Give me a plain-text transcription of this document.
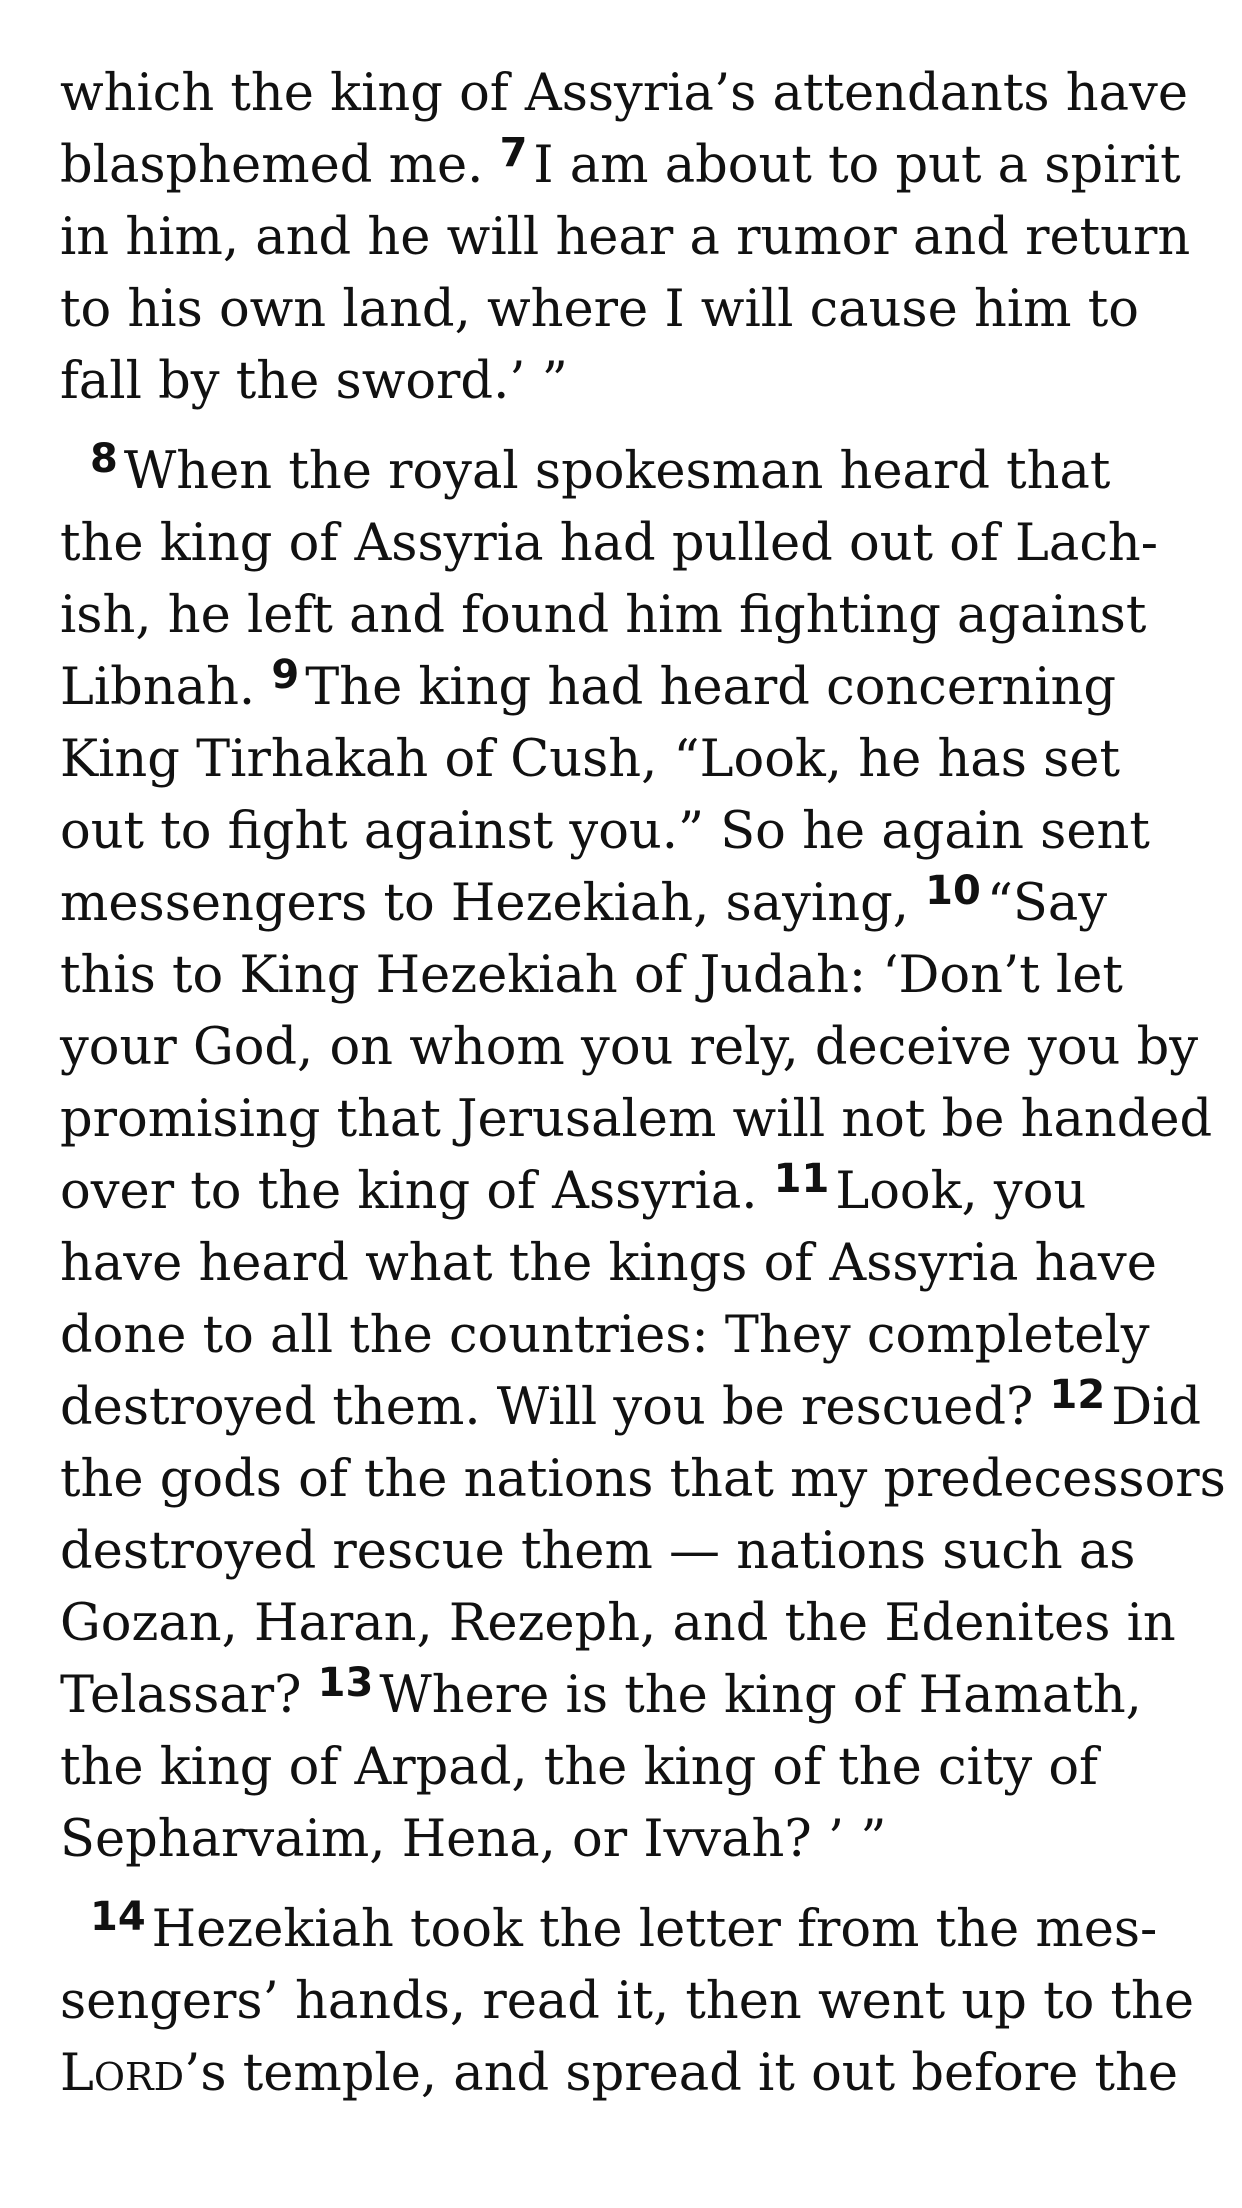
which the king of Assyria’s attendants have
blasphemed me. $^7$ I am about to put a spirit
in him, and he will hear a rumor and return
to his own land, where I will cause him to
fall by the sword.’ ”
$^8$ When the royal spokesman heard that
the king of Assyria had pulled out of Lach-
ish, he left and found him fighting against
Libnah. $^9$ The king had heard concerning
King Tirhakah of Cush, “Look, he has set
out to fight against you.” So he again sent
messengers to Hezekiah, saying, $^{10}$ “Say
this to King Hezekiah of Judah: ‘Don’t let
your God, on whom you rely, deceive you by
promising that Jerusalem will not be handed
over to the king of Assyria. $^{11}$ Look, you
have heard what the kings of Assyria have
done to all the countries: They completely
destroyed them. Will you be rescued? $^{12}$ Did
the gods of the nations that my predecessors
destroyed rescue them — nations such as
Gozan, Haran, Rezeph, and the Edenites in
Telassar? $^{13}$ Where is the king of Hamath,
the king of Arpad, the king of the city of
Sepharvaim, Hena, or Ivvah? ’ ”
$^{14}$ Hezekiah took the letter from the mes-
sengers’ hands, read it, then went up to the
LORD’s temple, and spread it out before the
